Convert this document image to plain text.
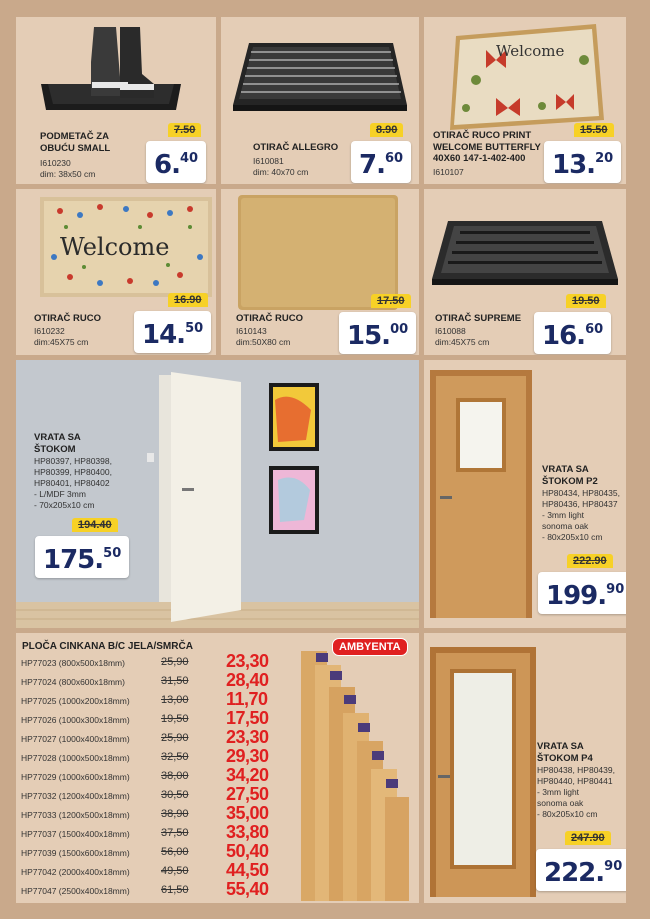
PODMETAČ ZA OBUĆU SMALL
I610230
dim: 38x50 cm
7.50
6.40
OTIRAČ ALLEGRO
I610081
dim: 40x70 cm
8.90
7.60
Welcome
OTIRAČ RUCO PRINT WELCOME BUTTERFLY 40X60 147-1-402-400
I610107
15.50
13.20
Welcome
OTIRAČ RUCO
I610232
dim:45X75 cm
16.90
14.50
OTIRAČ RUCO
I610143
dim:50X80 cm
17.50
15.00
OTIRAČ SUPREME
I610088
dim:45X75 cm
19.50
16.60
VRATA SA
ŠTOKOM
HP80397, HP80398,
HP80399, HP80400,
HP80401, HP80402
- L/MDF 3mm
- 70x205x10 cm
194.40
175.50
VRATA SA
ŠTOKOM P2
HP80434, HP80435,
HP80436, HP80437
- 3mm light
sonoma oak
- 80x205x10 cm
222.90
199.90
PLOČA CINKANA B/C JELA/SMRČA	AMBYENTA
HP77023 (800x500x18mm)	25,90 23,30
HP77024 (800x600x18mm)	31,50 28,40
HP77025 (1000x200x18mm)	13,00 11,70
HP77026 (1000x300x18mm)	19,50 17,50
HP77027 (1000x400x18mm)	25,90 23,30
HP77028 (1000x500x18mm)	32,50 29,30
HP77029 (1000x600x18mm)	38,00 34,20
HP77032 (1200x400x18mm)	30,50 27,50
HP77033 (1200x500x18mm)	38,90 35,00
HP77037 (1500x400x18mm)	37,50 33,80
HP77039 (1500x600x18mm)	56,00 50,40
HP77042 (2000x400x18mm)	49,50 44,50
HP77047 (2500x400x18mm)	61,50 55,40
VRATA SA
ŠTOKOM P4
HP80438, HP80439,
HP80440, HP80441
- 3mm light
sonoma oak
- 80x205x10 cm
247.90
222.90
